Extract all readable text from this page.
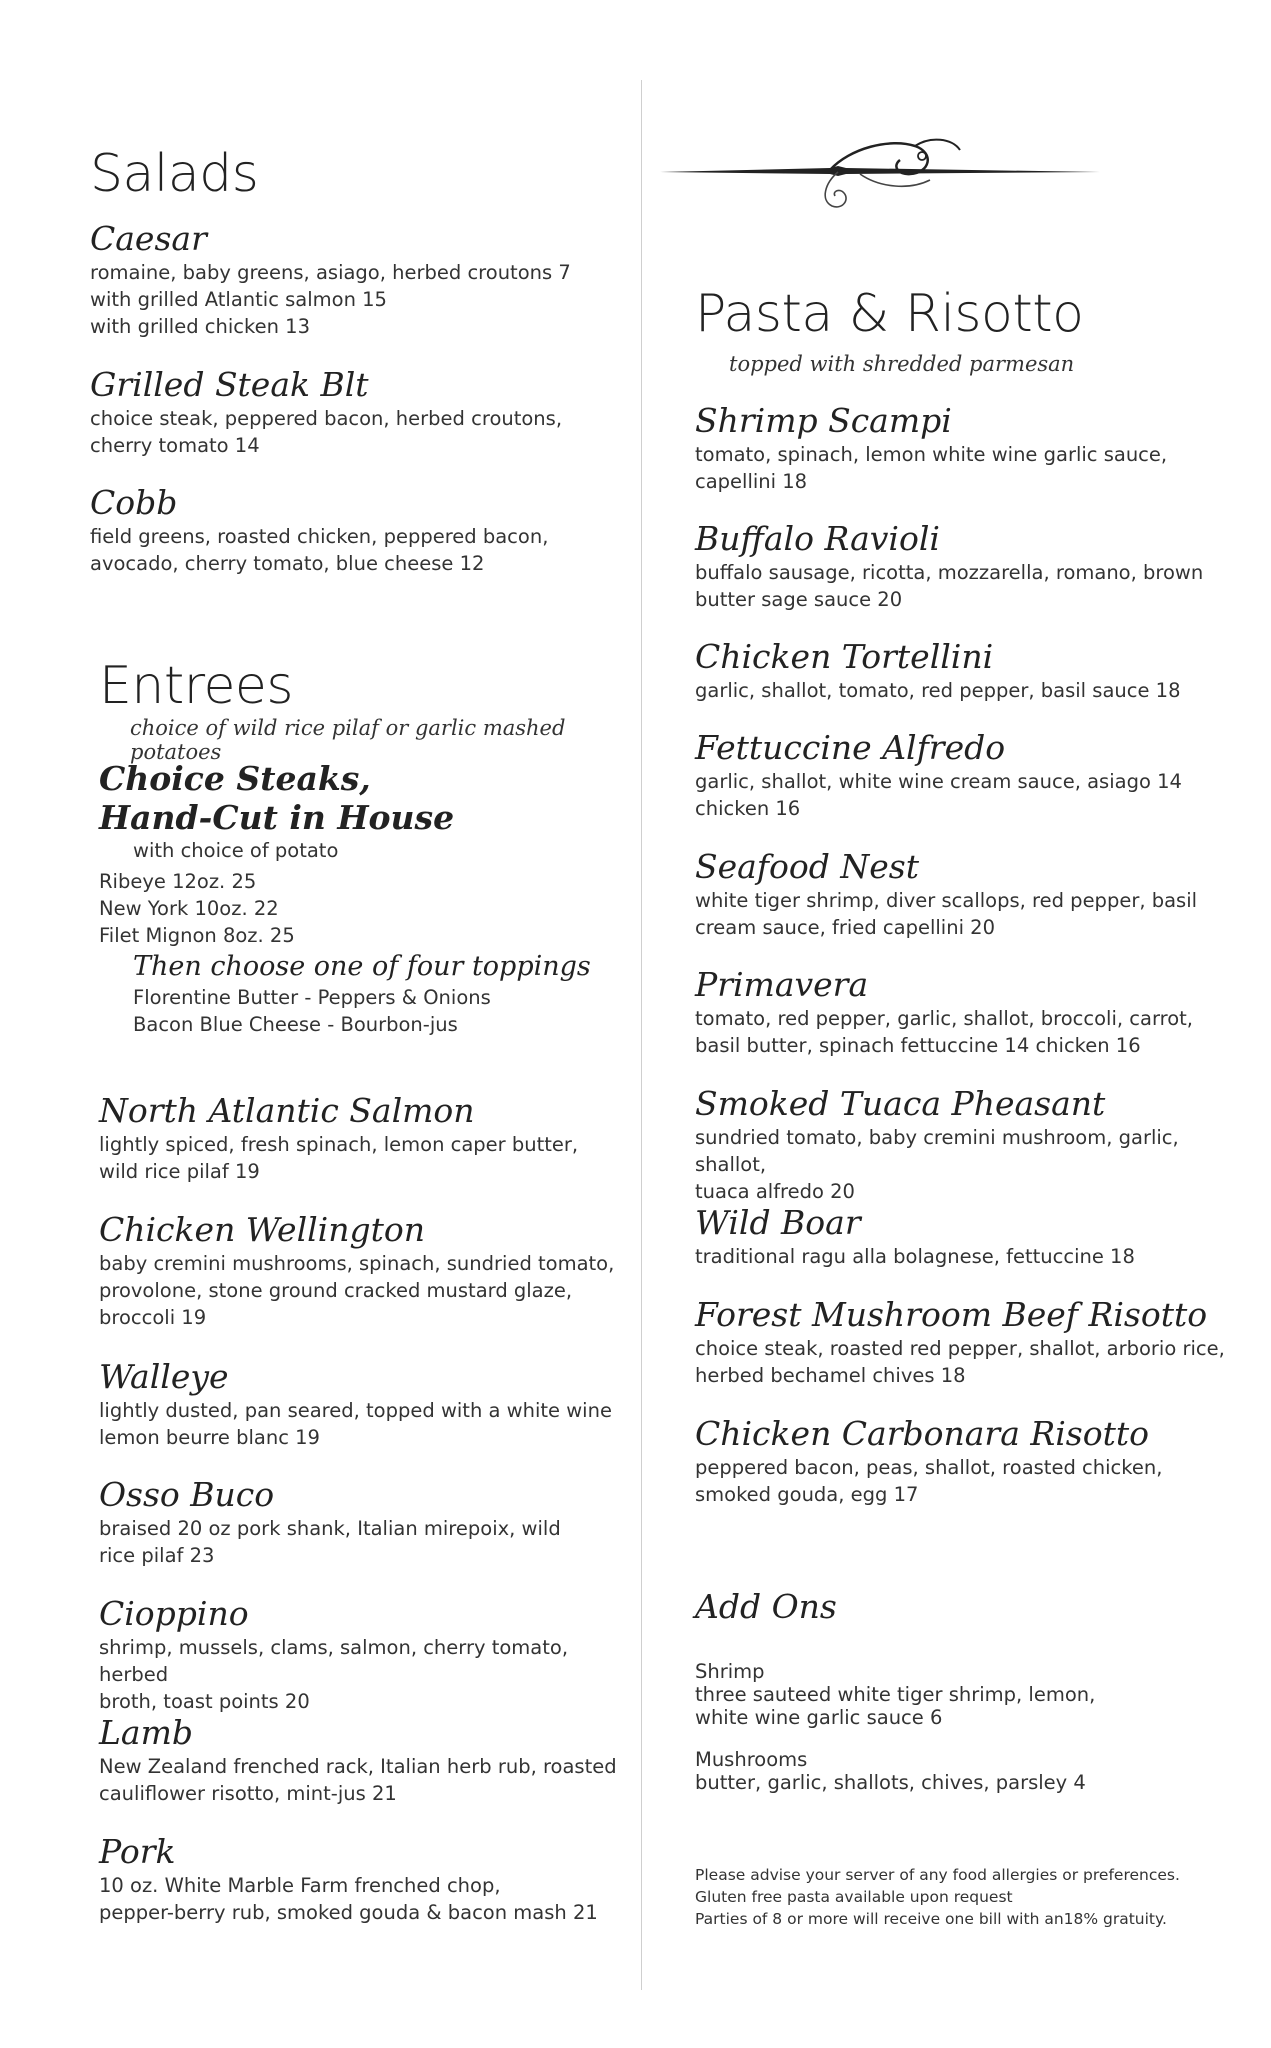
Salads
Caesar
romaine, baby greens, asiago, herbed croutons 7
with grilled Atlantic salmon 15
with grilled chicken 13
Grilled Steak Blt
choice steak, peppered bacon, herbed croutons,
cherry tomato 14
Cobb
field greens, roasted chicken, peppered bacon,
avocado, cherry tomato, blue cheese 12
Entrees
choice of wild rice pilaf or garlic mashed potatoes
Choice Steaks,
Hand-Cut in House
with choice of potato
Ribeye 12oz. 25
New York 10oz. 22
Filet Mignon 8oz. 25
Then choose one of four toppings
Florentine Butter - Peppers & Onions
Bacon Blue Cheese - Bourbon-jus
North Atlantic Salmon
lightly spiced, fresh spinach, lemon caper butter,
wild rice pilaf 19
Chicken Wellington
baby cremini mushrooms, spinach, sundried tomato,
provolone, stone ground cracked mustard glaze,
broccoli 19
Walleye
lightly dusted, pan seared, topped with a white wine
lemon beurre blanc 19
Osso Buco
braised 20 oz pork shank, Italian mirepoix, wild
rice pilaf 23
Cioppino
shrimp, mussels, clams, salmon, cherry tomato, herbed
broth, toast points 20
Lamb
New Zealand frenched rack, Italian herb rub, roasted
cauliflower risotto, mint-jus 21
Pork
10 oz. White Marble Farm frenched chop,
pepper-berry rub, smoked gouda & bacon mash 21
Pasta & Risotto
topped with shredded parmesan
Shrimp Scampi
tomato, spinach, lemon white wine garlic sauce,
capellini 18
Buffalo Ravioli
buffalo sausage, ricotta, mozzarella, romano, brown
butter sage sauce 20
Chicken Tortellini
garlic, shallot, tomato, red pepper, basil sauce 18
Fettuccine Alfredo
garlic, shallot, white wine cream sauce, asiago 14
chicken 16
Seafood Nest
white tiger shrimp, diver scallops, red pepper, basil
cream sauce, fried capellini 20
Primavera
tomato, red pepper, garlic, shallot, broccoli, carrot,
basil butter, spinach fettuccine 14 chicken 16
Smoked Tuaca Pheasant
sundried tomato, baby cremini mushroom, garlic, shallot,
tuaca alfredo 20
Wild Boar
traditional ragu alla bolagnese, fettuccine 18
Forest Mushroom Beef Risotto
choice steak, roasted red pepper, shallot, arborio rice,
herbed bechamel chives 18
Chicken Carbonara Risotto
peppered bacon, peas, shallot, roasted chicken,
smoked gouda, egg 17
Add Ons
Shrimp
three sauteed white tiger shrimp, lemon,
white wine garlic sauce 6
Mushrooms
butter, garlic, shallots, chives, parsley 4
Please advise your server of any food allergies or preferences.
Gluten free pasta available upon request
Parties of 8 or more will receive one bill with an18% gratuity.
